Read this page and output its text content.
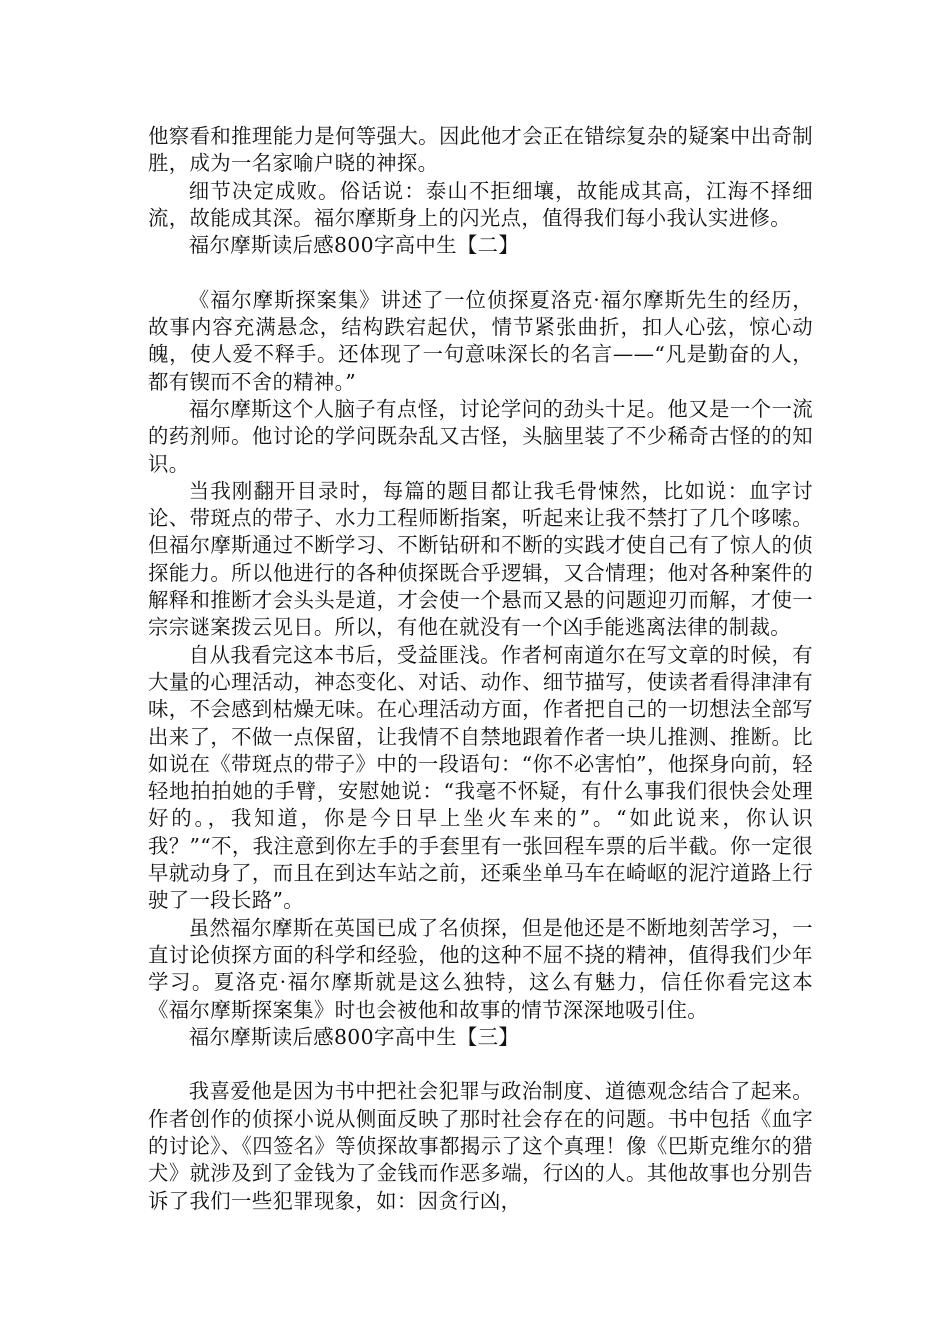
他察看和推理能力是何等强大。因此他才会正在错综复杂的疑案中出奇制胜，成为一名家喻户晓的神探。

细节决定成败。俗话说：泰山不拒细壤，故能成其高，江海不择细流，故能成其深。福尔摩斯身上的闪光点，值得我们每小我认实进修。

福尔摩斯读后感800字高中生【二】

《福尔摩斯探案集》讲述了一位侦探夏洛克·福尔摩斯先生的经历，故事内容充满悬念，结构跌宕起伏，情节紧张曲折，扣人心弦，惊心动魄，使人爱不释手。还体现了一句意味深长的名言——“凡是勤奋的人，都有锲而不舍的精神。”

福尔摩斯这个人脑子有点怪，讨论学问的劲头十足。他又是一个一流的药剂师。他讨论的学问既杂乱又古怪，头脑里装了不少稀奇古怪的的知识。

当我刚翻开目录时，每篇的题目都让我毛骨悚然，比如说：血字讨论、带斑点的带子、水力工程师断指案，听起来让我不禁打了几个哆嗦。但福尔摩斯通过不断学习、不断钻研和不断的实践才使自己有了惊人的侦探能力。所以他进行的各种侦探既合乎逻辑，又合情理；他对各种案件的解释和推断才会头头是道，才会使一个悬而又悬的问题迎刃而解，才使一宗宗谜案拨云见日。所以，有他在就没有一个凶手能逃离法律的制裁。

自从我看完这本书后，受益匪浅。作者柯南道尔在写文章的时候，有大量的心理活动，神态变化、对话、动作、细节描写，使读者看得津津有味，不会感到枯燥无味。在心理活动方面，作者把自己的一切想法全部写出来了，不做一点保留，让我情不自禁地跟着作者一块儿推测、推断。比如说在《带斑点的带子》中的一段语句：“你不必害怕”，他探身向前，轻轻地拍拍她的手臂，安慰她说：“我毫不怀疑，有什么事我们很快会处理好的。，我知道，你是今日早上坐火车来的”。“如此说来，你认识我？”“不，我注意到你左手的手套里有一张回程车票的后半截。你一定很早就动身了，而且在到达车站之前，还乘坐单马车在崎岖的泥泞道路上行驶了一段长路”。

虽然福尔摩斯在英国已成了名侦探，但是他还是不断地刻苦学习，一直讨论侦探方面的科学和经验，他的这种不屈不挠的精神，值得我们少年学习。夏洛克·福尔摩斯就是这么独特，这么有魅力，信任你看完这本《福尔摩斯探案集》时也会被他和故事的情节深深地吸引住。

福尔摩斯读后感800字高中生【三】

我喜爱他是因为书中把社会犯罪与政治制度、道德观念结合了起来。作者创作的侦探小说从侧面反映了那时社会存在的问题。书中包括《血字的讨论》、《四签名》等侦探故事都揭示了这个真理！像《巴斯克维尔的猎犬》就涉及到了金钱为了金钱而作恶多端，行凶的人。其他故事也分别告诉了我们一些犯罪现象，如：因贪行凶，
